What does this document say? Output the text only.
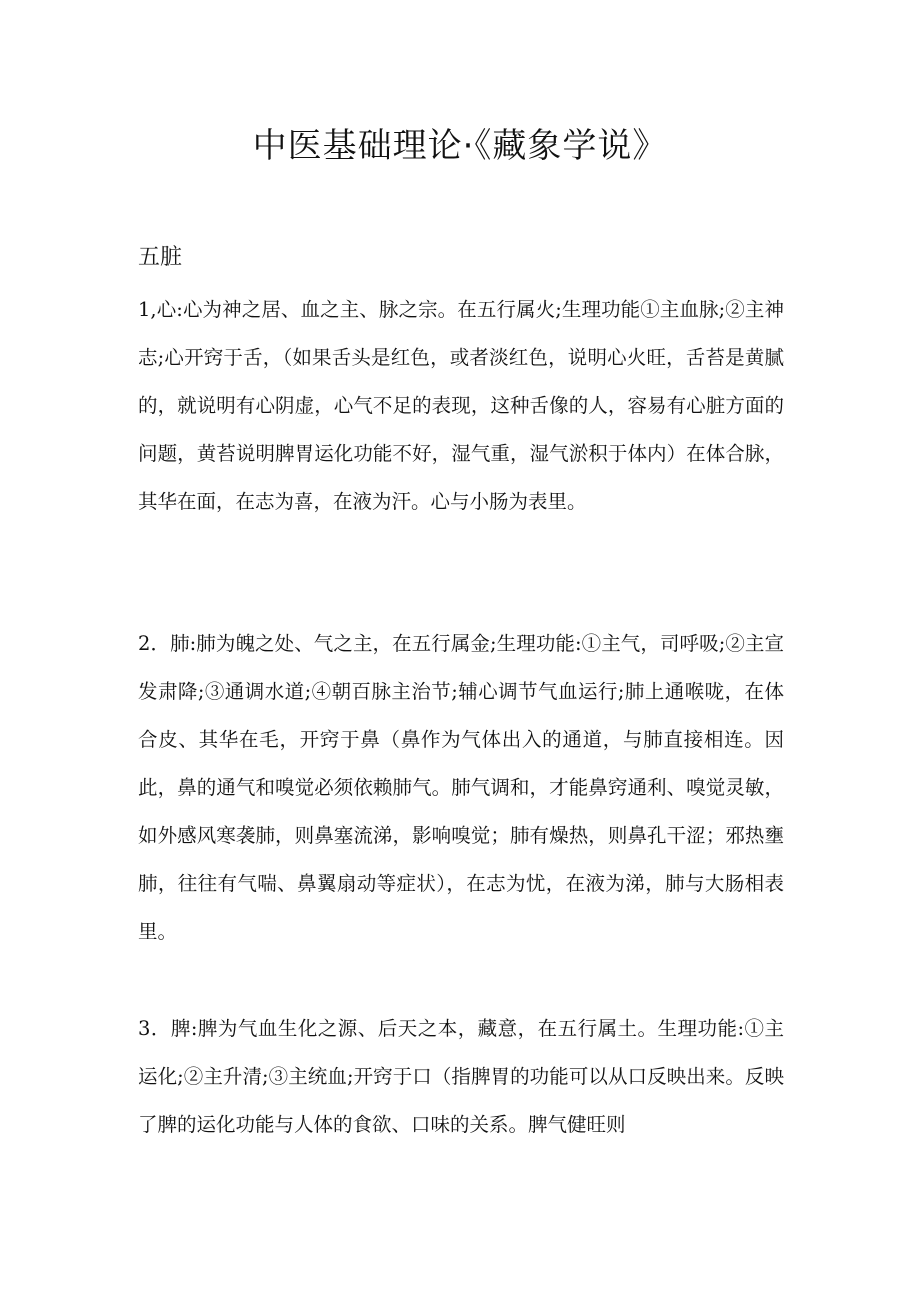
中医基础理论·《藏象学说》
五脏
1,心:心为神之居、血之主、脉之宗。在五行属火;生理功能①主血脉;②主神志;心开窍于舌，（如果舌头是红色，或者淡红色，说明心火旺，舌苔是黄腻的，就说明有心阴虚，心气不足的表现，这种舌像的人，容易有心脏方面的问题，黄苔说明脾胃运化功能不好，湿气重，湿气淤积于体内）在体合脉，其华在面，在志为喜，在液为汗。心与小肠为表里。
2．肺:肺为魄之处、气之主，在五行属金;生理功能:①主气，司呼吸;②主宣发肃降;③通调水道;④朝百脉主治节;辅心调节气血运行;肺上通喉咙，在体合皮、其华在毛，开窍于鼻（鼻作为气体出入的通道，与肺直接相连。因此，鼻的通气和嗅觉必须依赖肺气。肺气调和，才能鼻窍通利、嗅觉灵敏，如外感风寒袭肺，则鼻塞流涕，影响嗅觉；肺有燥热，则鼻孔干涩；邪热壅肺，往往有气喘、鼻翼扇动等症状），在志为忧，在液为涕，肺与大肠相表里。
3．脾:脾为气血生化之源、后天之本，藏意，在五行属土。生理功能:①主运化;②主升清;③主统血;开窍于口（指脾胃的功能可以从口反映出来。反映了脾的运化功能与人体的食欲、口味的关系。脾气健旺则
